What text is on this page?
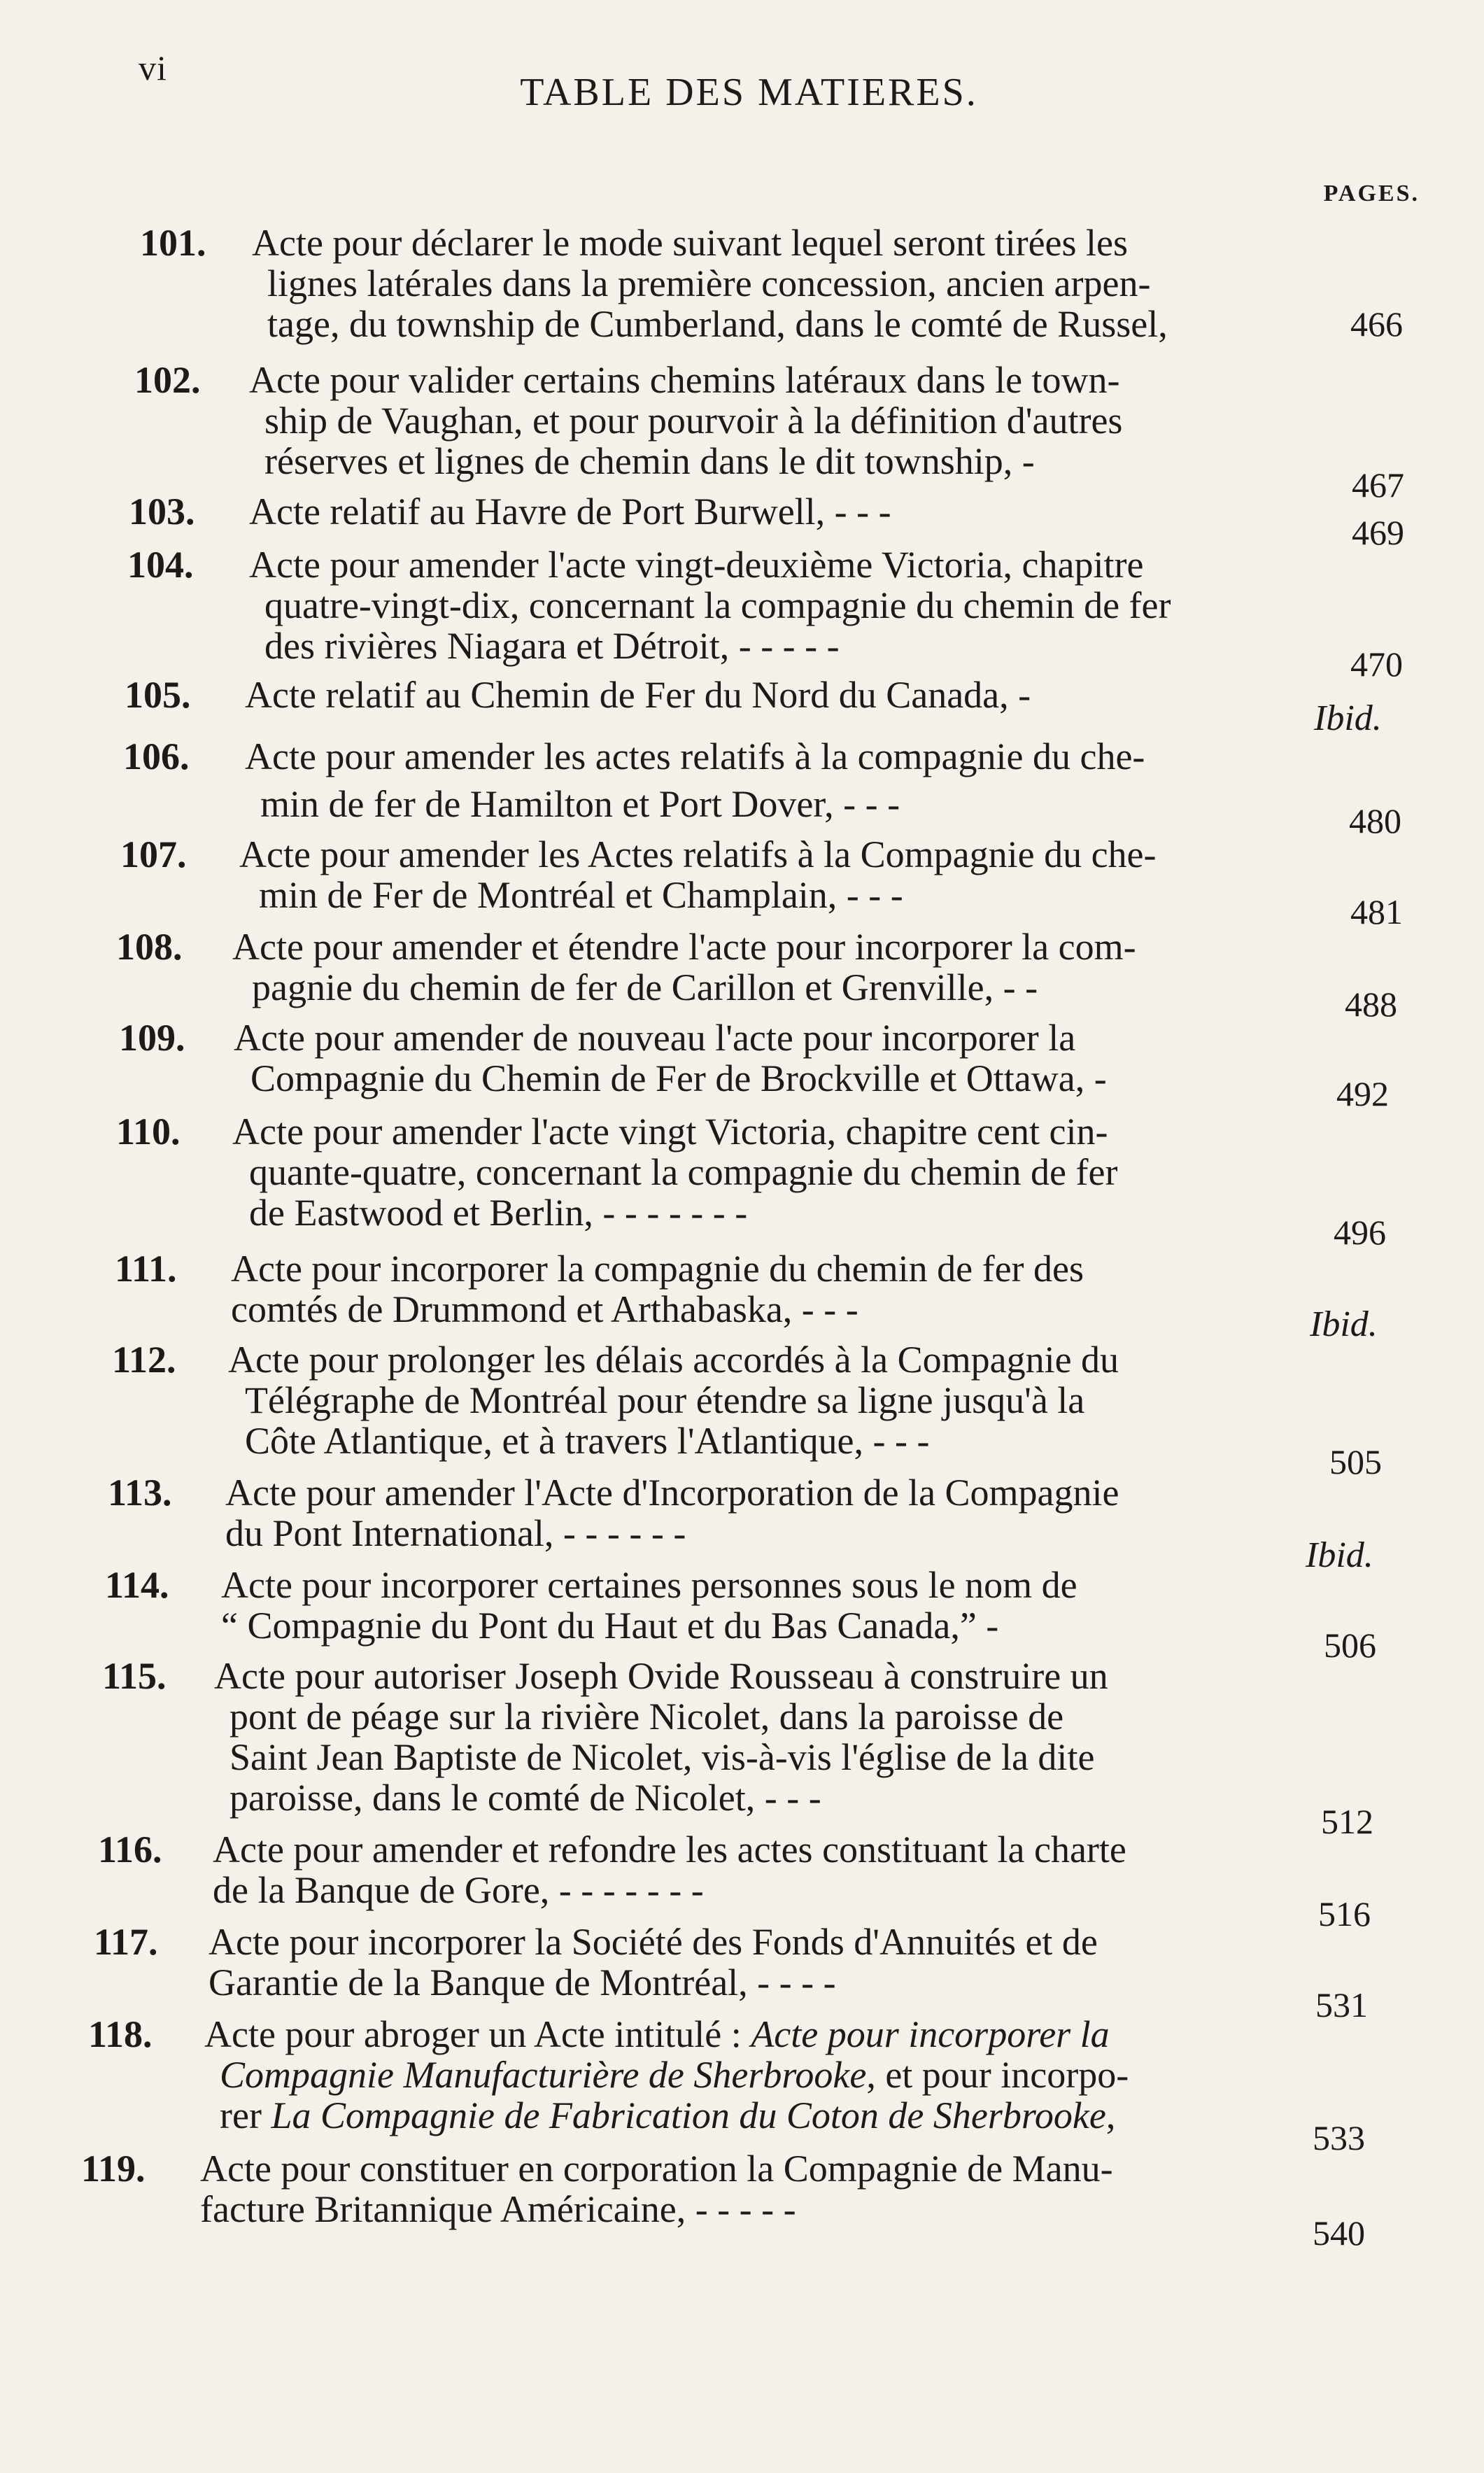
vi
TABLE DES MATIERES.
PAGES.
101. Acte pour déclarer le mode suivant lequel seront tirées les
lignes latérales dans la première concession, ancien arpen-
tage, du township de Cumberland, dans le comté de Russel,	466
102. Acte pour valider certains chemins latéraux dans le town-
ship de Vaughan, et pour pourvoir à la définition d'autres
réserves et lignes de chemin dans le dit township, -
467
103. Acte relatif au Havre de Port Burwell, - - -	469
104. Acte pour amender l'acte vingt-deuxième Victoria, chapitre
quatre-vingt-dix, concernant la compagnie du chemin de fer
des rivières Niagara et Détroit, - - - - -	470
105. Acte relatif au Chemin de Fer du Nord du Canada, -
Ibid.
106. Acte pour amender les actes relatifs à la compagnie du che-
min de fer de Hamilton et Port Dover, - - -	480
107. Acte pour amender les Actes relatifs à la Compagnie du che-
min de Fer de Montréal et Champlain, - - -	481
108. Acte pour amender et étendre l'acte pour incorporer la com-
pagnie du chemin de fer de Carillon et Grenville, - -	488
109. Acte pour amender de nouveau l'acte pour incorporer la
Compagnie du Chemin de Fer de Brockville et Ottawa, -	492
110. Acte pour amender l'acte vingt Victoria, chapitre cent cin-
quante-quatre, concernant la compagnie du chemin de fer
de Eastwood et Berlin, - - - - - - -	496
111. Acte pour incorporer la compagnie du chemin de fer des
comtés de Drummond et Arthabaska, - - -	Ibid.
112. Acte pour prolonger les délais accordés à la Compagnie du
Télégraphe de Montréal pour étendre sa ligne jusqu'à la
Côte Atlantique, et à travers l'Atlantique, - - -	505
113. Acte pour amender l'Acte d'Incorporation de la Compagnie
du Pont International, - - - - - -
Ibid.
114. Acte pour incorporer certaines personnes sous le nom de
“ Compagnie du Pont du Haut et du Bas Canada,” -	506
115. Acte pour autoriser Joseph Ovide Rousseau à construire un
pont de péage sur la rivière Nicolet, dans la paroisse de
Saint Jean Baptiste de Nicolet, vis-à-vis l'église de la dite
paroisse, dans le comté de Nicolet, - - -
512
116. Acte pour amender et refondre les actes constituant la charte
de la Banque de Gore, - - - - - - -
516
117. Acte pour incorporer la Société des Fonds d'Annuités et de
Garantie de la Banque de Montréal, - - - -
531
118. Acte pour abroger un Acte intitulé : Acte pour incorporer la
Compagnie Manufacturière de Sherbrooke, et pour incorpo-
rer La Compagnie de Fabrication du Coton de Sherbrooke,
533
119. Acte pour constituer en corporation la Compagnie de Manu-
facture Britannique Américaine, - - - - -
540
